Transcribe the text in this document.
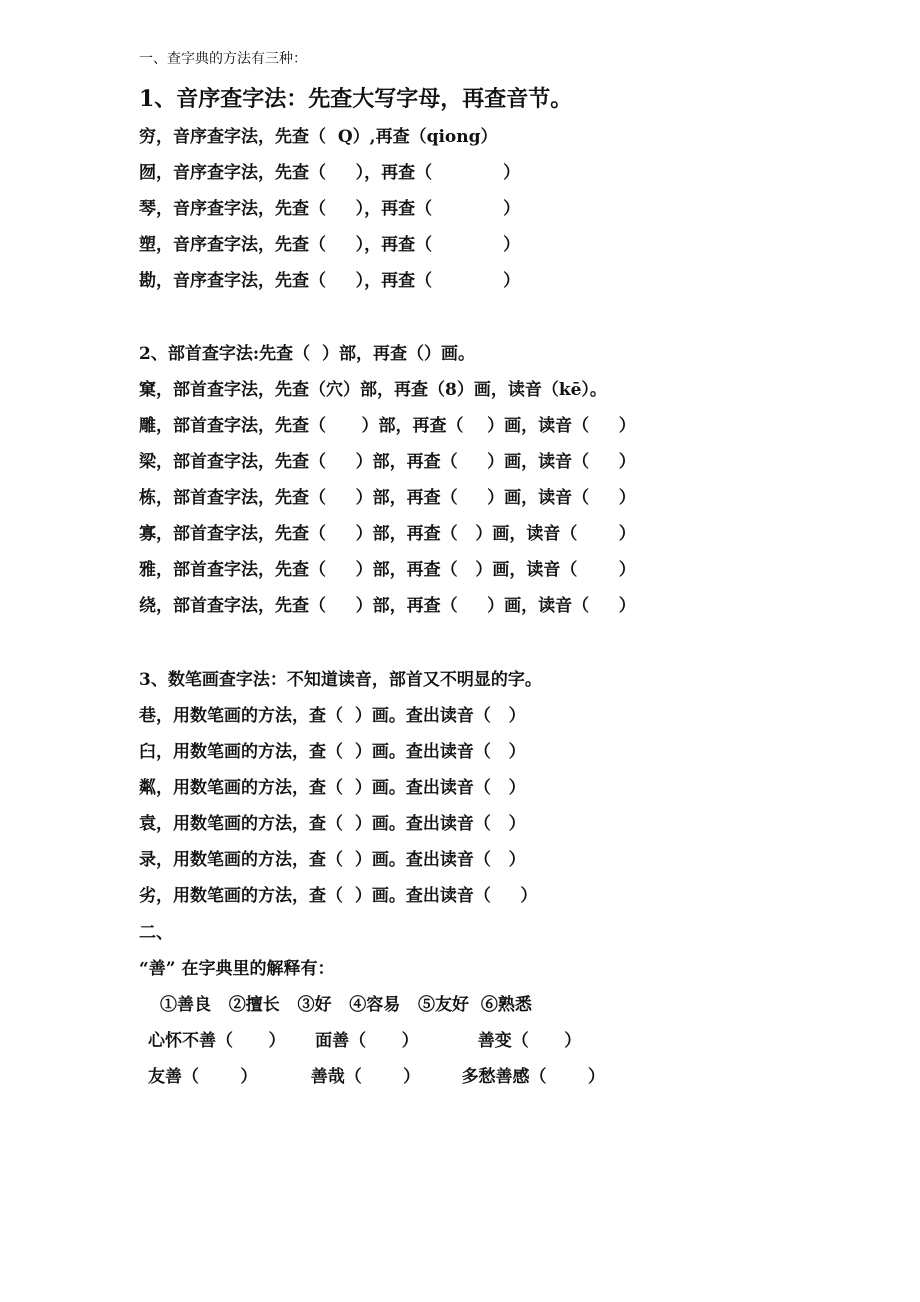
一、查字典的方法有三种：
1、音序查字法：先查大写字母，再查音节。
穷，音序查字法，先查（  Q）,再查（qiong）
囫，音序查字法，先查（     ），再查（            ）
琴，音序查字法，先查（     ），再查（            ）
塑，音序查字法，先查（     ），再查（            ）
勘，音序查字法，先查（     ），再查（            ）
2、部首查字法:先查（  ）部，再查（）画。
窠，部首查字法，先查（穴）部，再查（8）画，读音（kē）。
雕，部首查字法，先查（      ）部，再查（    ）画，读音（     ）
梁，部首查字法，先查（     ）部，再查（     ）画，读音（     ）
栋，部首查字法，先查（     ）部，再查（     ）画，读音（     ）
寡，部首查字法，先查（     ）部，再查（   ）画，读音（       ）
雅，部首查字法，先查（     ）部，再查（   ）画，读音（       ）
绕，部首查字法，先查（     ）部，再查（     ）画，读音（     ）
3、数笔画查字法：不知道读音，部首又不明显的字。
巷，用数笔画的方法，查（  ）画。查出读音（   ）
臼，用数笔画的方法，查（  ）画。查出读音（   ）
粼，用数笔画的方法，查（  ）画。查出读音（   ）
袁，用数笔画的方法，查（  ）画。查出读音（   ）
录，用数笔画的方法，查（  ）画。查出读音（   ）
劣，用数笔画的方法，查（  ）画。查出读音（     ）
二、
“善” 在字典里的解释有：
①善良   ②擅长   ③好   ④容易   ⑤友好  ⑥熟悉
心怀不善（      ）     面善（      ）          善变（      ）
友善（       ）         善哉（       ）       多愁善感（       ）
